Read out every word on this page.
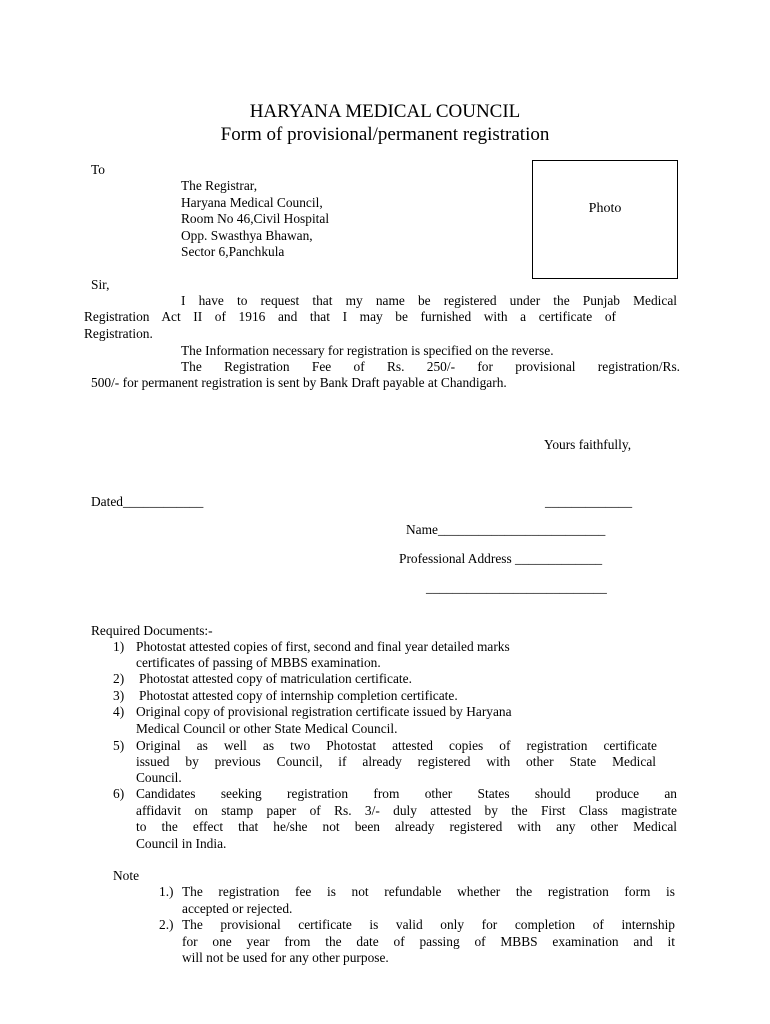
HARYANA MEDICAL COUNCIL
Form of provisional/permanent registration
To
The Registrar,
Haryana Medical Council,
Room No 46,Civil Hospital
Opp. Swasthya Bhawan,
Sector 6,Panchkula
Photo
Sir,
I have to request that my name be registered under the Punjab Medical
Registration Act II of 1916 and that I may be furnished with a certificate of
Registration.
The Information necessary for registration is specified on the reverse.
The Registration Fee of Rs. 250/- for provisional registration/Rs.
500/- for permanent registration is sent by Bank Draft payable at Chandigarh.
Yours faithfully,
Dated____________	_____________
Name_________________________
Professional Address _____________
___________________________
Required Documents:-
1) Photostat attested copies of first, second and final year detailed marks
certificates of passing of MBBS examination.
2) Photostat attested copy of matriculation certificate.
3) Photostat attested copy of internship completion certificate.
4) Original copy of provisional registration certificate issued by Haryana
Medical Council or other State Medical Council.
5) Original as well as two Photostat attested copies of registration certificate
issued by previous Council, if already registered with other State Medical
Council.
6) Candidates seeking registration from other States should produce an
affidavit on stamp paper of Rs. 3/- duly attested by the First Class magistrate
to the effect that he/she not been already registered with any other Medical
Council in India.
Note
1.) The registration fee is not refundable whether the registration form is
accepted or rejected.
2.) The provisional certificate is valid only for completion of internship
for one year from the date of passing of MBBS examination and it
will not be used for any other purpose.
